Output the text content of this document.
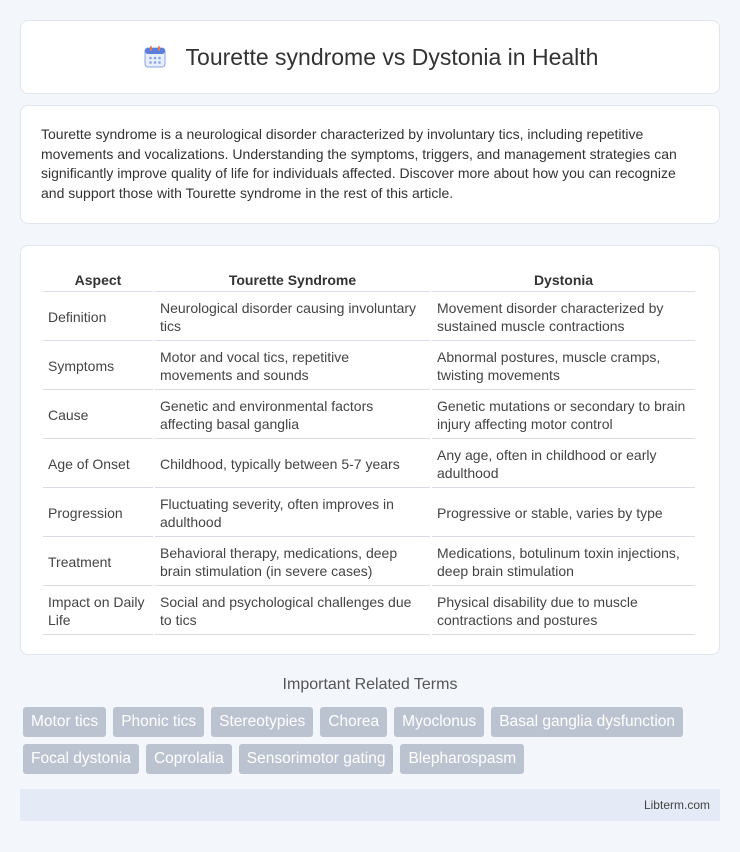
Tourette syndrome vs Dystonia in Health

Tourette syndrome is a neurological disorder characterized by involuntary tics, including repetitive movements and vocalizations. Understanding the symptoms, triggers, and management strategies can significantly improve quality of life for individuals affected. Discover more about how you can recognize and support those with Tourette syndrome in the rest of this article.

Aspect	Tourette Syndrome	Dystonia
Definition	Neurological disorder causing involuntary tics	Movement disorder characterized by sustained muscle contractions
Symptoms	Motor and vocal tics, repetitive movements and sounds	Abnormal postures, muscle cramps, twisting movements
Cause	Genetic and environmental factors affecting basal ganglia	Genetic mutations or secondary to brain injury affecting motor control
Age of Onset	Childhood, typically between 5-7 years	Any age, often in childhood or early adulthood
Progression	Fluctuating severity, often improves in adulthood	Progressive or stable, varies by type
Treatment	Behavioral therapy, medications, deep brain stimulation (in severe cases)	Medications, botulinum toxin injections, deep brain stimulation
Impact on Daily Life	Social and psychological challenges due to tics	Physical disability due to muscle contractions and postures
Important Related Terms
Motor tics	Phonic tics	Stereotypies	Chorea	Myoclonus	Basal ganglia dysfunction
Focal dystonia	Coprolalia	Sensorimotor gating	Blepharospasm
Libterm.com
